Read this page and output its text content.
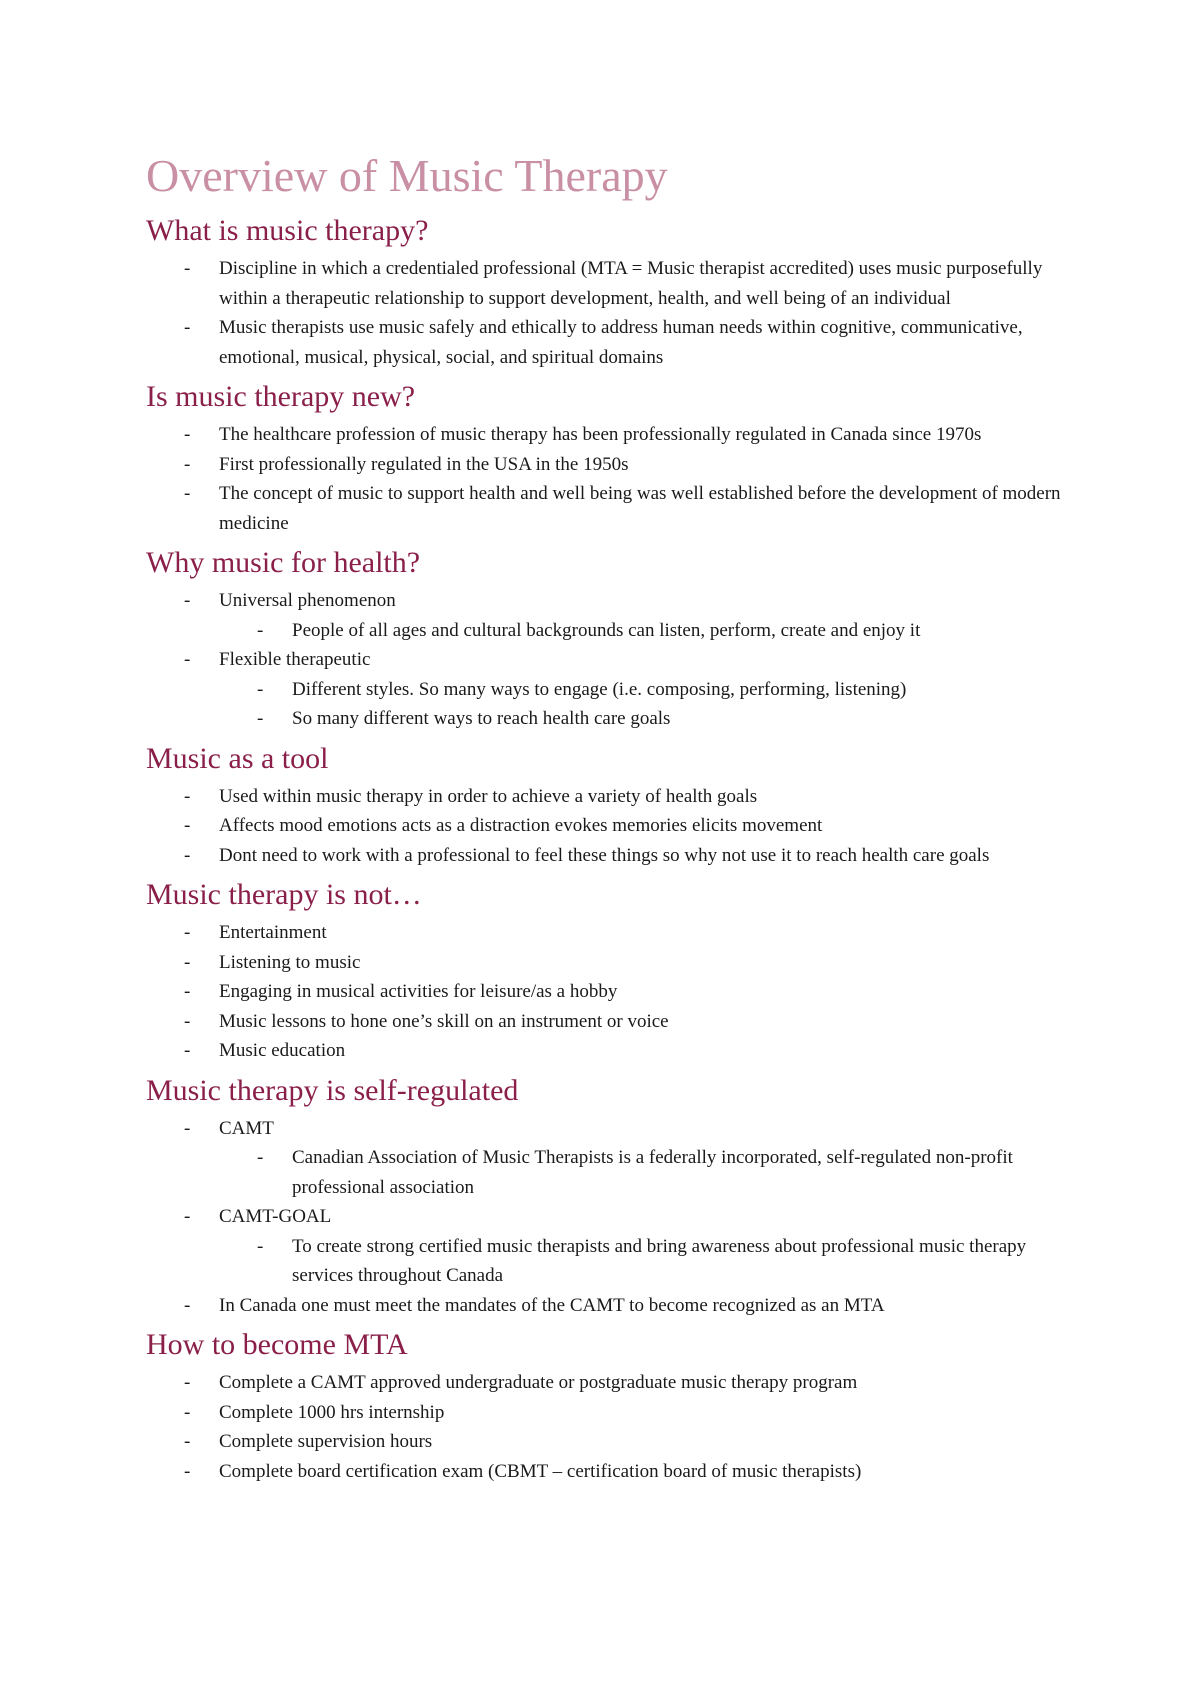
Overview of Music Therapy
What is music therapy?
- Discipline in which a credentialed professional (MTA = Music therapist accredited) uses music purposefully within a therapeutic relationship to support development, health, and well being of an individual
- Music therapists use music safely and ethically to address human needs within cognitive, communicative, emotional, musical, physical, social, and spiritual domains
Is music therapy new?
- The healthcare profession of music therapy has been professionally regulated in Canada since 1970s
- First professionally regulated in the USA in the 1950s
- The concept of music to support health and well being was well established before the development of modern medicine
Why music for health?
- Universal phenomenon
- People of all ages and cultural backgrounds can listen, perform, create and enjoy it
- Flexible therapeutic
- Different styles. So many ways to engage (i.e. composing, performing, listening)
- So many different ways to reach health care goals
Music as a tool
- Used within music therapy in order to achieve a variety of health goals
- Affects mood emotions acts as a distraction evokes memories elicits movement
- Dont need to work with a professional to feel these things so why not use it to reach health care goals
Music therapy is not…
- Entertainment
- Listening to music
- Engaging in musical activities for leisure/as a hobby
- Music lessons to hone one’s skill on an instrument or voice
- Music education
Music therapy is self-regulated
- CAMT
- Canadian Association of Music Therapists is a federally incorporated, self-regulated non-profit professional association
- CAMT-GOAL
- To create strong certified music therapists and bring awareness about professional music therapy services throughout Canada
- In Canada one must meet the mandates of the CAMT to become recognized as an MTA
How to become MTA
- Complete a CAMT approved undergraduate or postgraduate music therapy program
- Complete 1000 hrs internship
- Complete supervision hours
- Complete board certification exam (CBMT – certification board of music therapists)
